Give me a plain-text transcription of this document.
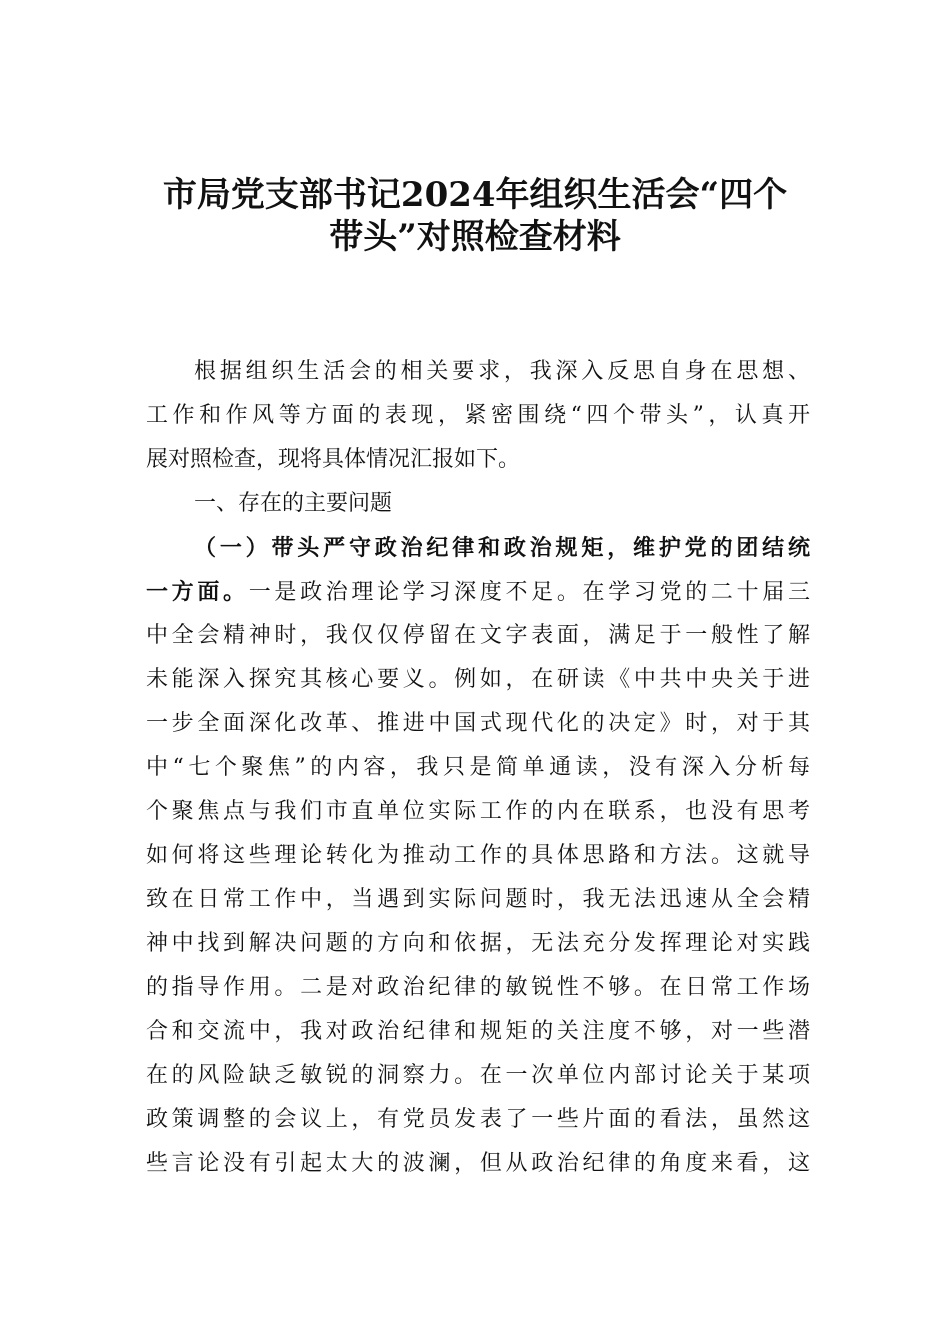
市局党支部书记2024年组织生活会“四个
带头”对照检查材料
根据组织生活会的相关要求，我深入反思自身在思想、
工作和作风等方面的表现，紧密围绕“四个带头”，认真开
展对照检查，现将具体情况汇报如下。
一、存在的主要问题
（一）带头严守政治纪律和政治规矩，维护党的团结统
一方面。一是政治理论学习深度不足。在学习党的二十届三
中全会精神时，我仅仅停留在文字表面，满足于一般性了解
未能深入探究其核心要义。例如，在研读《中共中央关于进
一步全面深化改革、推进中国式现代化的决定》时，对于其
中“七个聚焦”的内容，我只是简单通读，没有深入分析每
个聚焦点与我们市直单位实际工作的内在联系，也没有思考
如何将这些理论转化为推动工作的具体思路和方法。这就导
致在日常工作中，当遇到实际问题时，我无法迅速从全会精
神中找到解决问题的方向和依据，无法充分发挥理论对实践
的指导作用。二是对政治纪律的敏锐性不够。在日常工作场
合和交流中，我对政治纪律和规矩的关注度不够，对一些潜
在的风险缺乏敏锐的洞察力。在一次单位内部讨论关于某项
政策调整的会议上，有党员发表了一些片面的看法，虽然这
些言论没有引起太大的波澜，但从政治纪律的角度来看，这
